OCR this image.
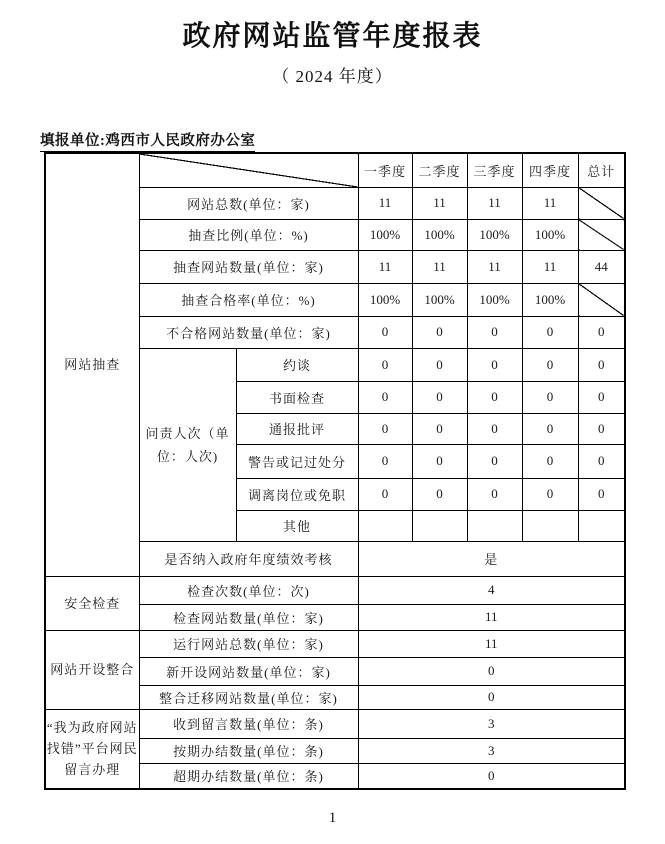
政府网站监管年度报表
（ 2024 年度）
填报单位:鸡西市人民政府办公室
网站抽查			一季度	二季度	三季度	四季度	总计
	网站总数(单位：家)		11	11	11	11	
	抽查比例(单位：%)		100%	100%	100%	100%	
	抽查网站数量(单位：家)		11	11	11	11	44
	抽查合格率(单位：%)		100%	100%	100%	100%	
	不合格网站数量(单位：家)		0	0	0	0	0
	问责人次（单位：人次)	约谈	0	0	0	0	0
		书面检查	0	0	0	0	0
		通报批评	0	0	0	0	0
		警告或记过处分	0	0	0	0	0
		调离岗位或免职	0	0	0	0	0
		其他					
	是否纳入政府年度绩效考核		是				
安全检查	检查次数(单位：次)		4				
	检查网站数量(单位：家)		11				
网站开设整合	运行网站总数(单位：家)		11				
	新开设网站数量(单位：家)		0				
	整合迁移网站数量(单位：家)		0				
“我为政府网站找错”平台网民留言办理	收到留言数量(单位：条)		3				
	按期办结数量(单位：条)		3				
	超期办结数量(单位：条)		0				
1
